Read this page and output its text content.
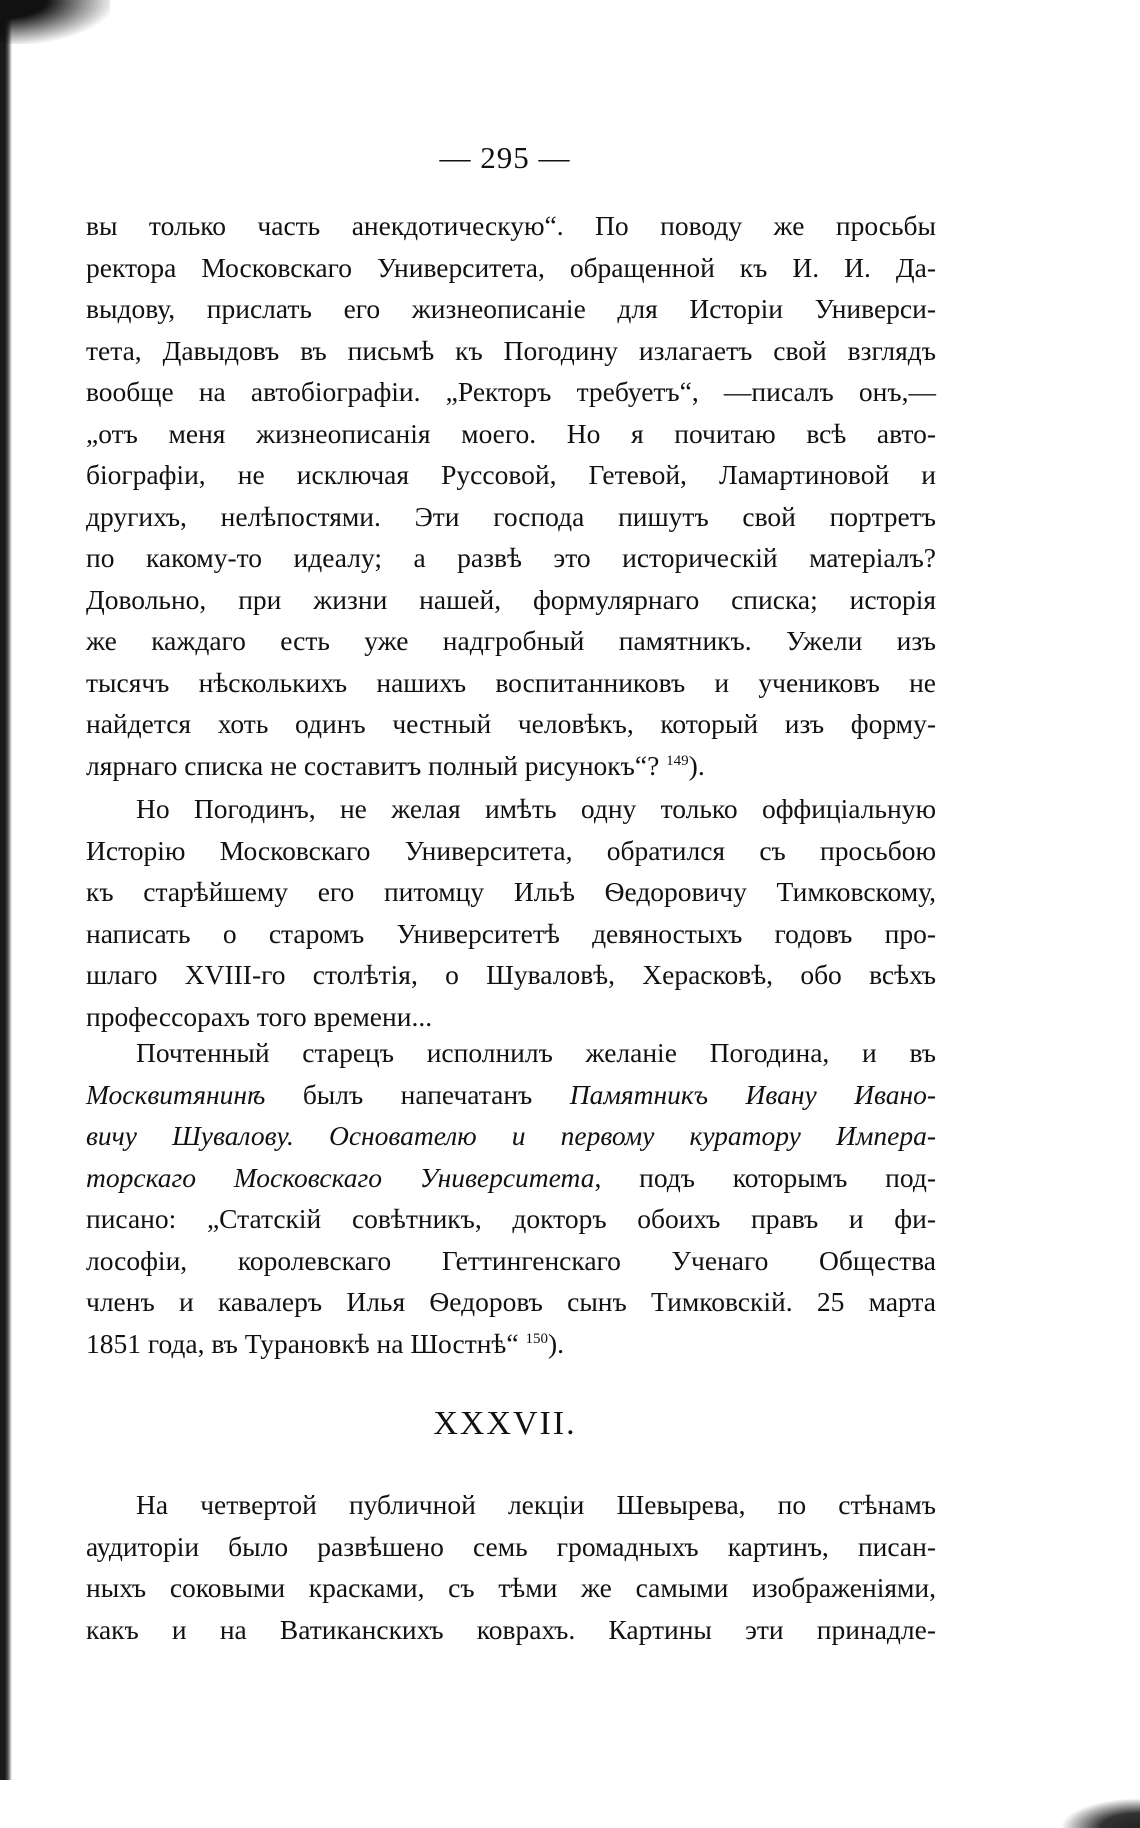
— 295 —

вы только часть анекдотическую“. По поводу же просьбы

ректора Московскаго Университета, обращенной къ И. И. Да-

выдову, прислать его жизнеописаніе для Исторіи Универси-

тета, Давыдовъ въ письмѣ къ Погодину излагаетъ свой взглядъ

вообще на автобіографіи. „Ректоръ требуетъ“, —писалъ онъ,—

„отъ меня жизнеописанія моего. Но я почитаю всѣ авто-

біографіи, не исключая Руссовой, Гетевой, Ламартиновой и

другихъ, нелѣпостями. Эти господа пишутъ свой портретъ

по какому-то идеалу; а развѣ это историческій матеріалъ?

Довольно, при жизни нашей, формулярнаго списка; исторія

же каждаго есть уже надгробный памятникъ. Ужели изъ

тысячъ нѣсколькихъ нашихъ воспитанниковъ и учениковъ не

найдется хоть одинъ честный человѣкъ, который изъ форму-

лярнаго списка не составитъ полный рисунокъ“? $^{149}$).

Но Погодинъ, не желая имѣть одну только оффиціальную

Исторію Московскаго Университета, обратился съ просьбою

къ старѣйшему его питомцу Ильѣ Ѳедоровичу Тимковскому,

написать о старомъ Университетѣ девяностыхъ годовъ про-

шлаго XVIII-го столѣтія, о Шуваловѣ, Херасковѣ, обо всѣхъ

профессорахъ того времени...

Почтенный старецъ исполнилъ желаніе Погодина, и въ

Москвитянинѣ былъ напечатанъ Памятникъ Ивану Ивано-

вичу Шувалову. Основателю и первому куратору Импера-

торскаго Московскаго Университета, подъ которымъ под-

писано: „Статскій совѣтникъ, докторъ обоихъ правъ и фи-

лософіи, королевскаго Геттингенскаго Ученаго Общества

членъ и кавалеръ Илья Ѳедоровъ сынъ Тимковскій. 25 марта

1851 года, въ Турановкѣ на Шостнѣ“ $^{150}$).

XXXVII.

На четвертой публичной лекціи Шевырева, по стѣнамъ

аудиторіи было развѣшено семь громадныхъ картинъ, писан-

ныхъ соковыми красками, съ тѣми же самыми изображеніями,

какъ и на Ватиканскихъ коврахъ. Картины эти принадле-
